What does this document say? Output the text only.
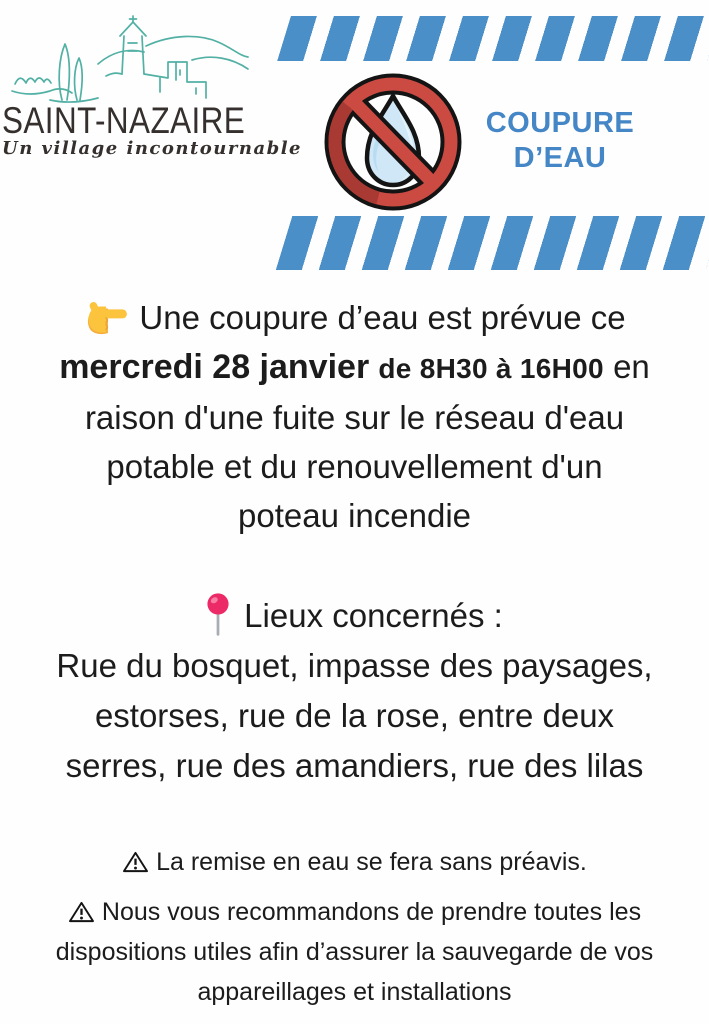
SAINT-NAZAIRE
Un village incontournable
COUPURE
D’EAU
Une coupure d’eau est prévue ce
mercredi 28 janvier de 8H30 à 16H00 en
raison d'une fuite sur le réseau d'eau
potable et du renouvellement d'un
poteau incendie
Lieux concernés :
Rue du bosquet, impasse des paysages,
estorses, rue de la rose, entre deux
serres, rue des amandiers, rue des lilas
La remise en eau se fera sans préavis.
Nous vous recommandons de prendre toutes les
dispositions utiles afin d’assurer la sauvegarde de vos
appareillages et installations
